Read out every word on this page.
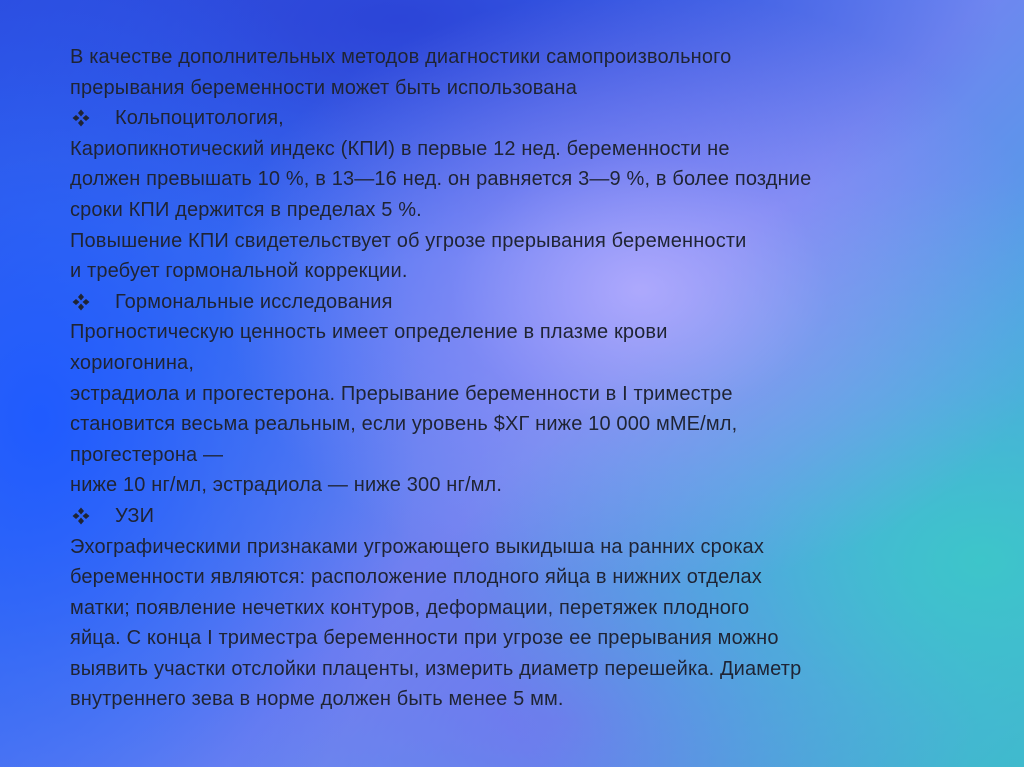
В качестве дополнительных методов диагностики самопроизвольного
прерывания беременности может быть использована
Кольпоцитология,
Кариопикнотический индекс (КПИ) в первые 12 нед. беременности не
должен превышать 10 %, в 13—16 нед. он равняется 3—9 %, в более поздние
сроки КПИ держится в пределах 5 %.
Повышение КПИ свидетельствует об угрозе прерывания беременности
и требует гормональной коррекции.
Гормональные исследования
Прогностическую ценность имеет определение в плазме крови
хориогонина,
эстрадиола и прогестерона. Прерывание беременности в I триместре
становится весьма реальным, если уровень $ХГ ниже 10 000 мМЕ/мл,
прогестерона —
ниже 10 нг/мл, эстрадиола — ниже 300 нг/мл.
УЗИ
Эхографическими признаками угрожающего выкидыша на ранних сроках
беременности являются: расположение плодного яйца в нижних отделах
матки; появление нечетких контуров, деформации, перетяжек плодного
яйца. С конца I триместра беременности при угрозе ее прерывания можно
выявить участки отслойки плаценты, измерить диаметр перешейка. Диаметр
внутреннего зева в норме должен быть менее 5 мм.
